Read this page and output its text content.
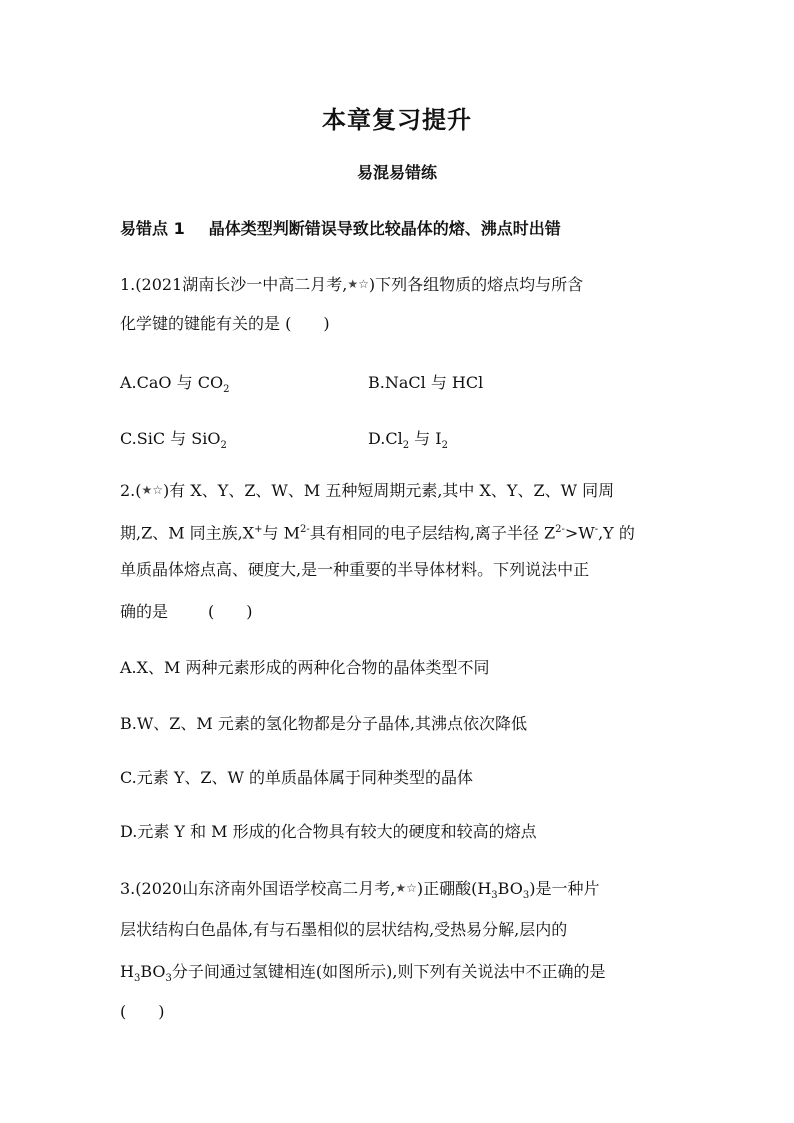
本章复习提升
易混易错练
易错点 1 晶体类型判断错误导致比较晶体的熔、沸点时出错
1.(2021湖南长沙一中高二月考,★☆)下列各组物质的熔点均与所含
化学键的键能有关的是 (　　)
A.CaO 与 $CO_2$	B.NaCl 与 HCl
C.SiC 与 SiO$_2$	$D.Cl_2$ 与 $I_2$
2.(★☆)有 X、Y、Z、W、M 五种短周期元素,其中 X、Y、Z、W 同周
期,Z、M 同主族,X+与 $M^{2-}$具有相同的电子层结构,离子半径 $Z^{2-}>W^-,Y$ 的
单质晶体熔点高、硬度大,是一种重要的半导体材料。下列说法中正
确的是	(　　)
A.X、M 两种元素形成的两种化合物的晶体类型不同
B.W、Z、M 元素的氢化物都是分子晶体,其沸点依次降低
C.元素 Y、Z、W 的单质晶体属于同种类型的晶体
D.元素 Y 和 M 形成的化合物具有较大的硬度和较高的熔点
3.(2020山东济南外国语学校高二月考,★☆)正硼酸$(H_3BO_3)$是一种片
层状结构白色晶体,有与石墨相似的层状结构,受热易分解,层内的
$H_3BO_3$分子间通过氢键相连(如图所示),则下列有关说法中不正确的是
(　　)
